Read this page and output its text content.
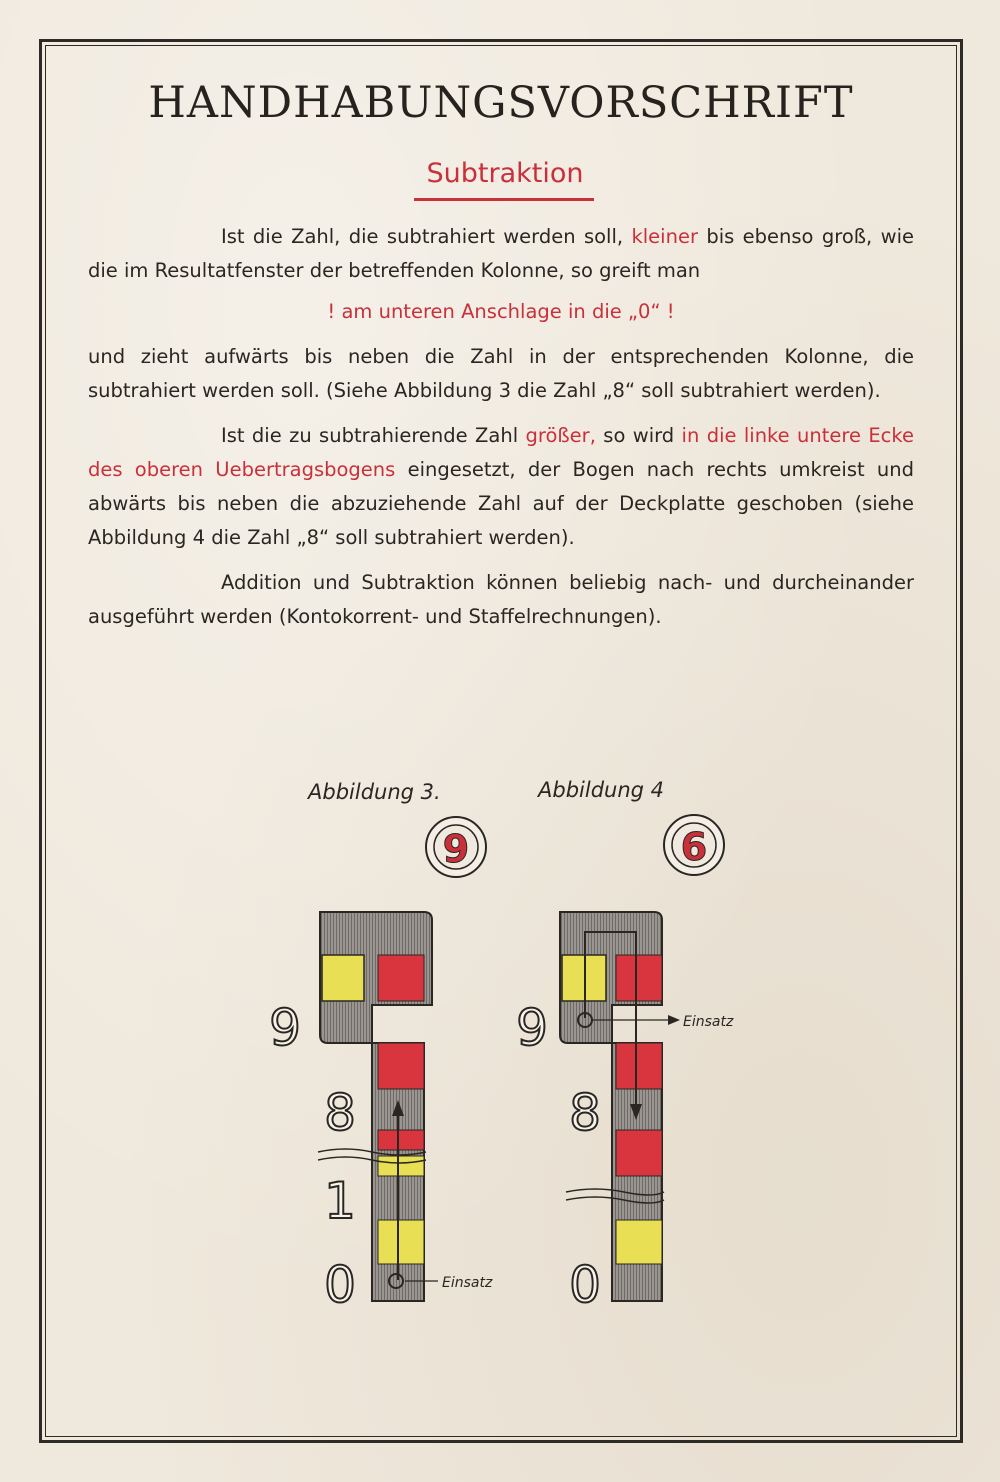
HANDHABUNGSVORSCHRIFT
Subtraktion

Ist die Zahl, die subtrahiert werden soll, kleiner bis ebenso groß, wie die im Resultatfenster der betreffenden Kolonne, so greift man

! am unteren Anschlage in die „0“ !

und zieht aufwärts bis neben die Zahl in der entsprechenden Kolonne, die subtrahiert werden soll. (Siehe Abbildung 3 die Zahl „8“ soll subtrahiert werden).

Ist die zu subtrahierende Zahl größer, so wird in die linke untere Ecke des oberen Uebertragsbogens eingesetzt, der Bogen nach rechts umkreist und abwärts bis neben die abzuziehende Zahl auf der Deckplatte geschoben (siehe Abbildung 4 die Zahl „8“ soll subtrahiert werden).

Addition und Subtraktion können beliebig nach- und durcheinander ausgeführt werden (Kontokorrent- und Staffelrechnungen).

Abbildung 3.	Abbildung 4
9
9
8
1
0	Einsatz
6
9
8
0
Einsatz
